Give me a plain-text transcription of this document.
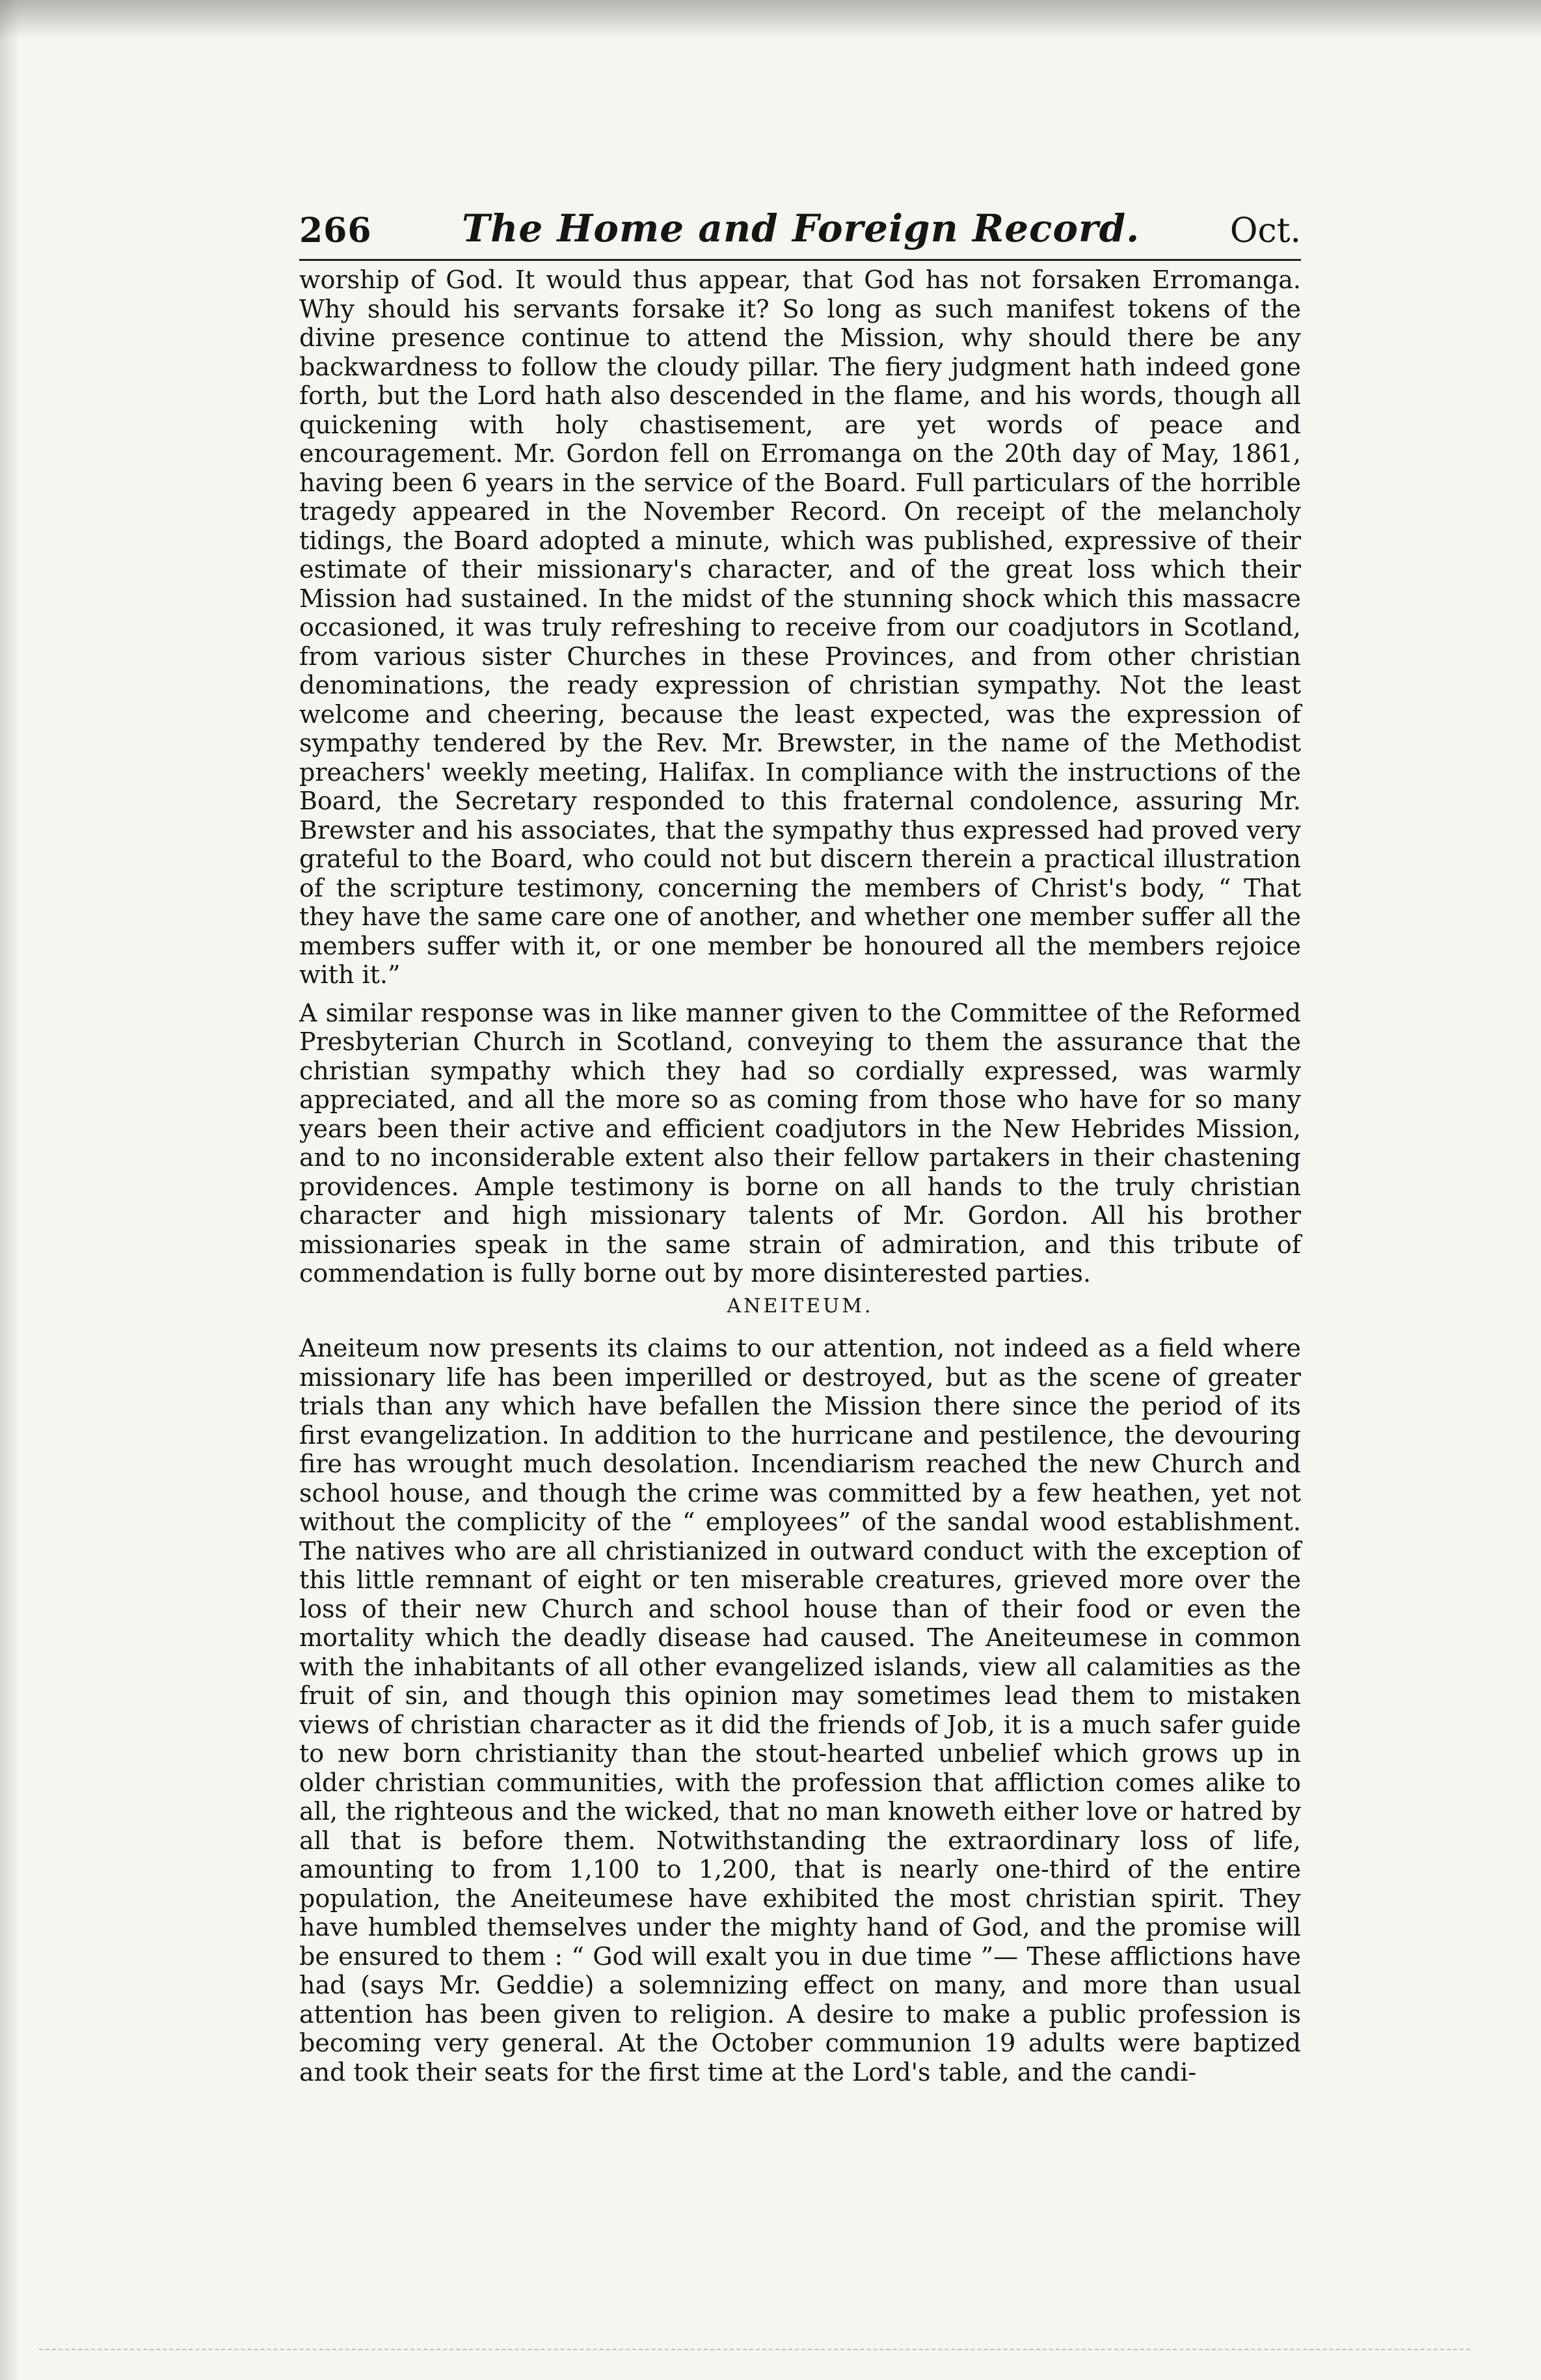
266 The Home and Foreign Record.	Oct.

worship of God. It would thus appear, that God has not forsaken Erromanga. Why should his servants forsake it? So long as such manifest tokens of the divine presence continue to attend the Mission, why should there be any backwardness to follow the cloudy pillar. The fiery judgment hath indeed gone forth, but the Lord hath also descended in the flame, and his words, though all quickening with holy chastisement, are yet words of peace and encouragement. Mr. Gordon fell on Erromanga on the 20th day of May, 1861, having been 6 years in the service of the Board. Full particulars of the horrible tragedy appeared in the November Record. On receipt of the melancholy tidings, the Board adopted a minute, which was published, expressive of their estimate of their missionary's character, and of the great loss which their Mission had sustained. In the midst of the stunning shock which this massacre occasioned, it was truly refreshing to receive from our coadjutors in Scotland, from various sister Churches in these Provinces, and from other christian denominations, the ready expression of christian sympathy. Not the least welcome and cheering, because the least expected, was the expression of sympathy tendered by the Rev. Mr. Brewster, in the name of the Methodist preachers' weekly meeting, Halifax. In compliance with the instructions of the Board, the Secretary responded to this fraternal condolence, assuring Mr. Brewster and his associates, that the sympathy thus expressed had proved very grateful to the Board, who could not but discern therein a practical illustration of the scripture testimony, concerning the members of Christ's body, “ That they have the same care one of another, and whether one member suffer all the members suffer with it, or one member be honoured all the members rejoice with it.”

A similar response was in like manner given to the Committee of the Reformed Presbyterian Church in Scotland, conveying to them the assurance that the christian sympathy which they had so cordially expressed, was warmly appreciated, and all the more so as coming from those who have for so many years been their active and efficient coadjutors in the New Hebrides Mission, and to no inconsiderable extent also their fellow partakers in their chastening providences. Ample testimony is borne on all hands to the truly christian character and high missionary talents of Mr. Gordon. All his brother missionaries speak in the same strain of admiration, and this tribute of commendation is fully borne out by more disinterested parties.

ANEITEUM.

Aneiteum now presents its claims to our attention, not indeed as a field where missionary life has been imperilled or destroyed, but as the scene of greater trials than any which have befallen the Mission there since the period of its first evangelization. In addition to the hurricane and pestilence, the devouring fire has wrought much desolation. Incendiarism reached the new Church and school house, and though the crime was committed by a few heathen, yet not without the complicity of the “ employees” of the sandal wood establishment. The natives who are all christianized in outward conduct with the exception of this little remnant of eight or ten miserable creatures, grieved more over the loss of their new Church and school house than of their food or even the mortality which the deadly disease had caused. The Aneiteumese in common with the inhabitants of all other evangelized islands, view all calamities as the fruit of sin, and though this opinion may sometimes lead them to mistaken views of christian character as it did the friends of Job, it is a much safer guide to new born christianity than the stout-hearted unbelief which grows up in older christian communities, with the profession that affliction comes alike to all, the righteous and the wicked, that no man knoweth either love or hatred by all that is before them. Notwithstanding the extraordinary loss of life, amounting to from 1,100 to 1,200, that is nearly one-third of the entire population, the Aneiteumese have exhibited the most christian spirit. They have humbled themselves under the mighty hand of God, and the promise will be ensured to them : “ God will exalt you in due time ”— These afflictions have had (says Mr. Geddie) a solemnizing effect on many, and more than usual attention has been given to religion. A desire to make a public profession is becoming very general. At the October communion 19 adults were baptized and took their seats for the first time at the Lord's table, and the candi-
